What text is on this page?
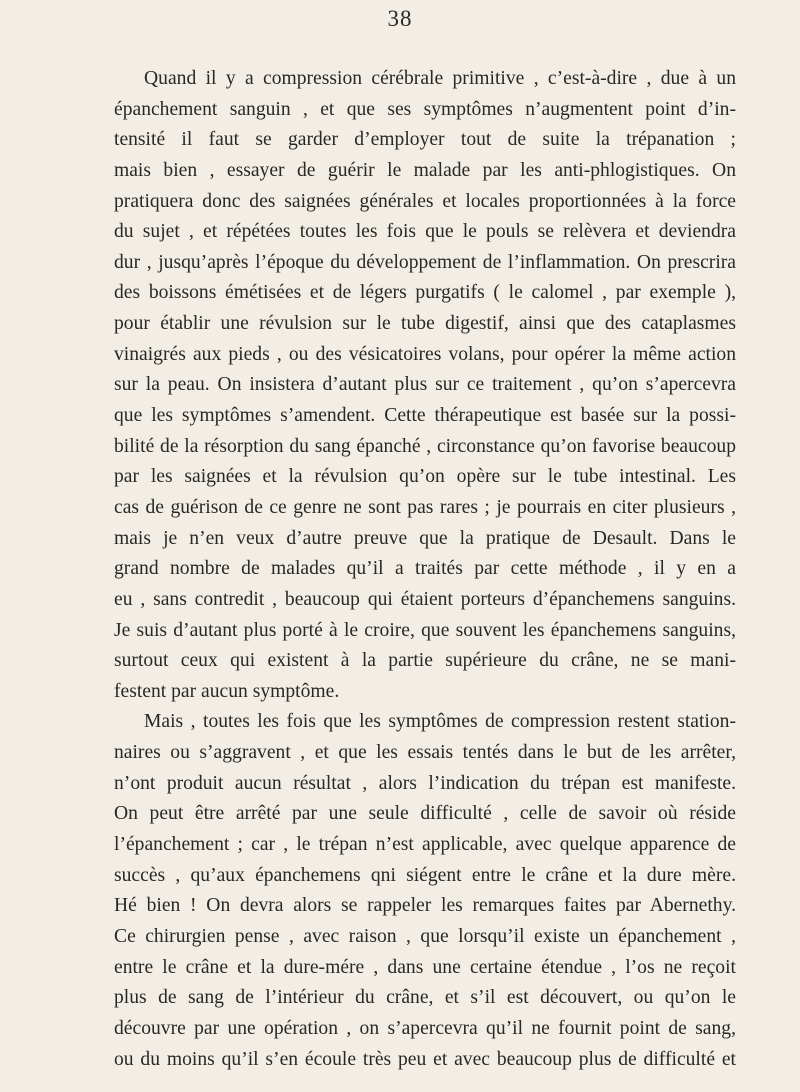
38
Quand il y a compression cérébrale primitive , c’est-à-dire , due à un
épanchement sanguin , et que ses symptômes n’augmentent point d’in-
tensité il faut se garder d’employer tout de suite la trépanation ;
mais bien , essayer de guérir le malade par les anti-phlogistiques. On
pratiquera donc des saignées générales et locales proportionnées à la force
du sujet , et répétées toutes les fois que le pouls se relèvera et deviendra
dur , jusqu’après l’époque du développement de l’inflammation. On prescrira
des boissons émétisées et de légers purgatifs ( le calomel , par exemple ),
pour établir une révulsion sur le tube digestif, ainsi que des cataplasmes
vinaigrés aux pieds , ou des vésicatoires volans, pour opérer la même action
sur la peau. On insistera d’autant plus sur ce traitement , qu’on s’apercevra
que les symptômes s’amendent. Cette thérapeutique est basée sur la possi-
bilité de la résorption du sang épanché , circonstance qu’on favorise beaucoup
par les saignées et la révulsion qu’on opère sur le tube intestinal. Les
cas de guérison de ce genre ne sont pas rares ; je pourrais en citer plusieurs ,
mais je n’en veux d’autre preuve que la pratique de Desault. Dans le
grand nombre de malades qu’il a traités par cette méthode , il y en a
eu , sans contredit , beaucoup qui étaient porteurs d’épanchemens sanguins.
Je suis d’autant plus porté à le croire, que souvent les épanchemens sanguins,
surtout ceux qui existent à la partie supérieure du crâne, ne se mani-
festent par aucun symptôme.
Mais , toutes les fois que les symptômes de compression restent station-
naires ou s’aggravent , et que les essais tentés dans le but de les arrêter,
n’ont produit aucun résultat , alors l’indication du trépan est manifeste.
On peut être arrêté par une seule difficulté , celle de savoir où réside
l’épanchement ; car , le trépan n’est applicable, avec quelque apparence de
succès , qu’aux épanchemens qni siégent entre le crâne et la dure mère.
Hé bien ! On devra alors se rappeler les remarques faites par Abernethy.
Ce chirurgien pense , avec raison , que lorsqu’il existe un épanchement ,
entre le crâne et la dure-mére , dans une certaine étendue , l’os ne reçoit
plus de sang de l’intérieur du crâne, et s’il est découvert, ou qu’on le
découvre par une opération , on s’apercevra qu’il ne fournit point de sang,
ou du moins qu’il s’en écoule très peu et avec beaucoup plus de difficulté et
